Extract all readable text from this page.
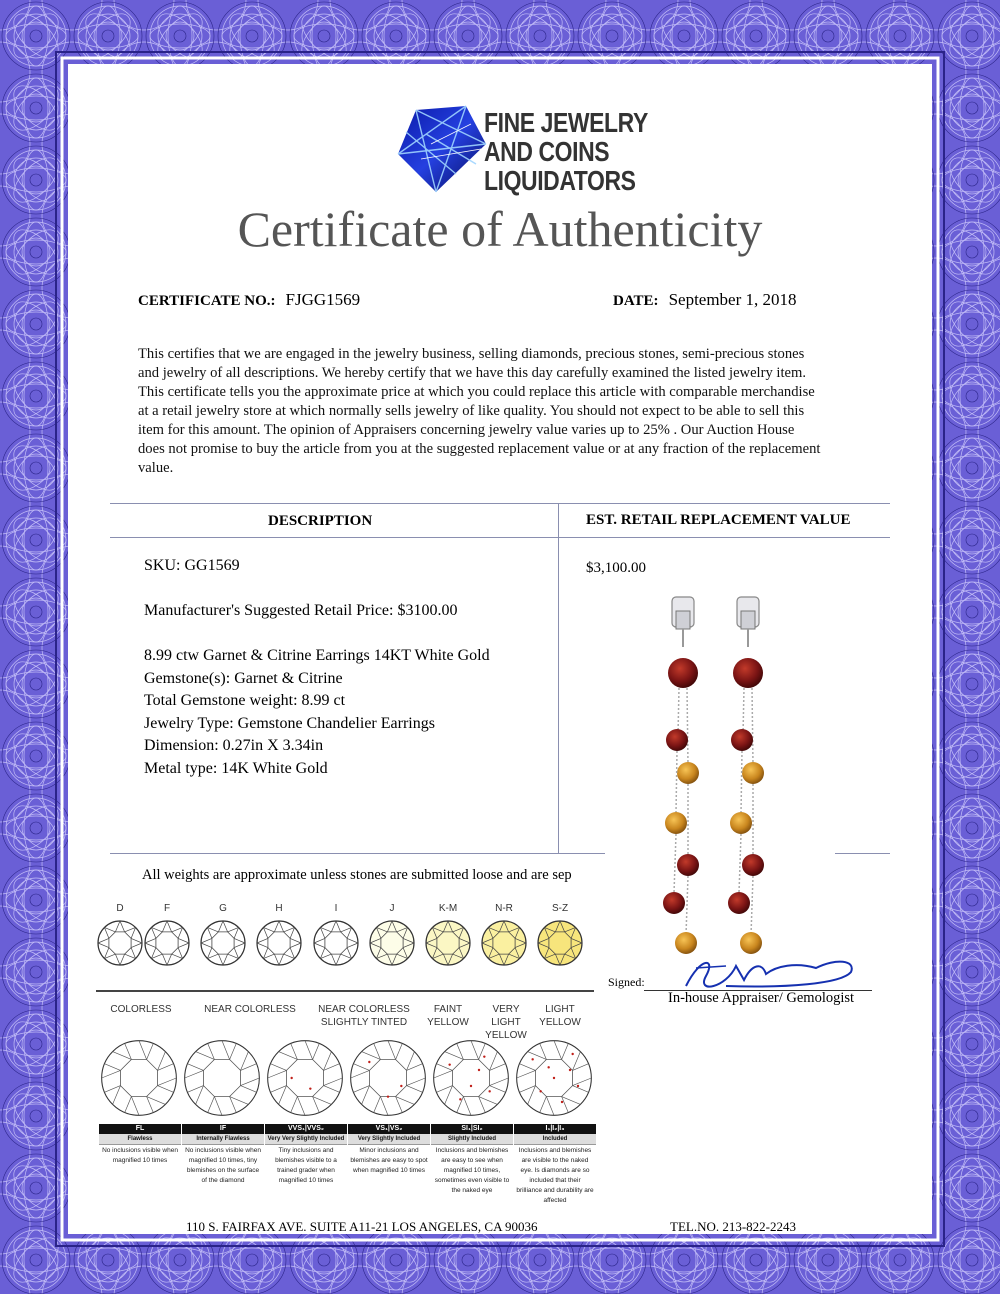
FINE JEWELRY
AND COINS
LIQUIDATORS
Certificate of Authenticity
CERTIFICATE NO.: FJGG1569	DATE: September 1, 2018
This certifies that we are engaged in the jewelry business, selling diamonds, precious stones, semi-precious stones
and jewelry of all descriptions. We hereby certify that we have this day carefully examined the listed jewelry item.
This certificate tells you the approximate price at which you could replace this article with comparable merchandise
at a retail jewelry store at which normally sells jewelry of like quality. You should not expect to be able to sell this
item for this amount. The opinion of Appraisers concerning jewelry value varies up to 25% . Our Auction House
does not promise to buy the article from you at the suggested replacement value or at any fraction of the replacement
value.
DESCRIPTION	EST. RETAIL REPLACEMENT VALUE
SKU: GG1569
Manufacturer's Suggested Retail Price: $3100.00
8.99 ctw Garnet & Citrine Earrings 14KT White Gold
Gemstone(s): Garnet & Citrine
Total Gemstone weight: 8.99 ct
Jewelry Type: Gemstone Chandelier Earrings
Dimension: 0.27in X 3.34in
Metal type: 14K White Gold
$3,100.00
All weights are approximate unless stones are submitted loose and are sep
D	F	G	H	I	J	K-M	N-R	S-Z
COLORLESS	NEAR COLORLESS	NEAR COLORLESS
SLIGHTLY TINTED
FAINT
YELLOW
VERY LIGHT
YELLOW
LIGHT
YELLOW
FL
Flawless
No inclusions visible when magnified 10 times
IF
Internally Flawless
No inclusions visible when magnified 10 times, tiny blemishes on the surface of the diamond
VVS₁|VVS₂
Very Very Slightly Included
Tiny inclusions and blemishes visible to a trained grader when magnified 10 times
VS₁|VS₂
Very Slightly Included
Minor inclusions and blemishes are easy to spot when magnified 10 times
SI₁|SI₂
Slightly Included
Inclusions and blemishes are easy to see when magnified 10 times, sometimes even visible to the naked eye
I₁|I₂|I₃
Included
Inclusions and blemishes are visible to the naked eye. Is diamonds are so included that their brilliance and durability are affected
Signed:
In-house Appraiser/ Gemologist
110 S. FAIRFAX AVE. SUITE A11-21 LOS ANGELES, CA 90036	TEL.NO. 213-822-2243
